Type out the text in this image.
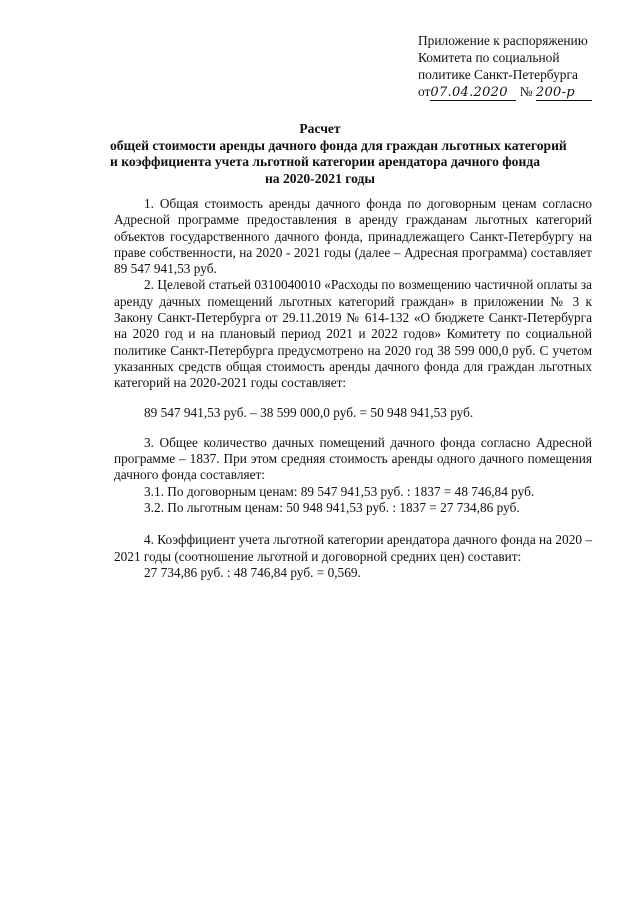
Приложение к распоряжению
Комитета по социальной
политике Санкт-Петербурга
от07.04.2020 № 200-р
Расчет
общей стоимости аренды дачного фонда для граждан льготных категорий
и коэффициента учета льготной категории арендатора дачного фонда
на 2020-2021 годы

1. Общая стоимость аренды дачного фонда по договорным ценам согласно Адресной программе предоставления в аренду гражданам льготных категорий объектов государственного дачного фонда, принадлежащего Санкт-Петербургу на праве собственности, на 2020 - 2021 годы (далее – Адресная программа) составляет 89 547 941,53 руб.

2. Целевой статьей 0310040010 «Расходы по возмещению частичной оплаты за аренду дачных помещений льготных категорий граждан» в приложении № 3 к Закону Санкт-Петербурга от 29.11.2019 № 614-132 «О бюджете Санкт-Петербурга на 2020 год и на плановый период 2021 и 2022 годов» Комитету по социальной политике Санкт-Петербурга предусмотрено на 2020 год 38 599 000,0 руб. С учетом указанных средств общая стоимость аренды дачного фонда для граждан льготных категорий на 2020-2021 годы составляет:

89 547 941,53 руб. – 38 599 000,0 руб. = 50 948 941,53 руб.

3. Общее количество дачных помещений дачного фонда согласно Адресной программе – 1837. При этом средняя стоимость аренды одного дачного помещения дачного фонда составляет:

3.1. По договорным ценам: 89 547 941,53 руб. : 1837 = 48 746,84 руб.

3.2. По льготным ценам: 50 948 941,53 руб. : 1837 = 27 734,86 руб.

4. Коэффициент учета льготной категории арендатора дачного фонда на 2020 – 2021 годы (соотношение льготной и договорной средних цен) составит:

27 734,86 руб. : 48 746,84 руб. = 0,569.
